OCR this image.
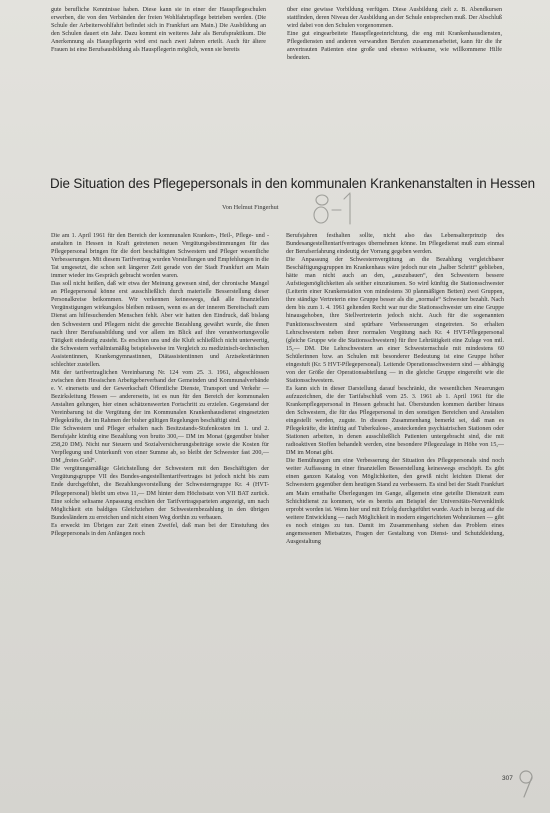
gute berufliche Kenntnisse haben. Diese kann sie in einer der Hauspflegeschulen erwerben, die von den Verbänden der freien Wohlfahrtspflege betrieben werden. (Die Schule der Arbeiterwohlfahrt befindet sich in Frankfurt am Main.) Die Ausbildung an den Schulen dauert ein Jahr. Dazu kommt ein weiteres Jahr als Berufspraktikum. Die Anerkennung als Hauspflegerin wird erst nach zwei Jahren erteilt. Auch für ältere Frauen ist eine Berufsausbildung als Hauspflegerin möglich, wenn sie bereits

über eine gewisse Vorbildung verfügen. Diese Ausbildung zielt z. B. Abendkursen stattfinden, deren Niveau der Ausbildung an der Schule entsprechen muß. Der Abschluß wird dabei von den Schulen vorgenommen.

Eine gut eingearbeitete Hauspflegeeinrichtung, die eng mit Krankenhausdiensten, Pflegediensten und anderen verwandten Berufen zusammenarbeitet, kann für die ihr anvertrauten Patienten eine große und ebenso wirksame, wie willkommene Hilfe bedeuten.

Die Situation des Pflegepersonals in den kommunalen Krankenanstalten in Hessen
Von Helmut Fingerhut

Die am 1. April 1961 für den Bereich der kommunalen Kranken-, Heil-, Pflege- und -anstalten in Hessen in Kraft getretenen neuen Vergütungsbestimmungen für das Pflegepersonal bringen für die dort beschäftigten Schwestern und Pfleger wesentliche Verbesserungen. Mit diesem Tarifvertrag wurden Vorstellungen und Empfehlungen in die Tat umgesetzt, die schon seit längerer Zeit gerade von der Stadt Frankfurt am Main immer wieder ins Gespräch gebracht worden waren.

Das soll nicht heißen, daß wir etwa der Meinung gewesen sind, der chronische Mangel an Pflegepersonal könne erst ausschließlich durch materielle Besserstellung dieser Personalkreise beikommen. Wir verkennen keineswegs, daß alle finanziellen Vergünstigungen wirkungslos bleiben müssen, wenn es an der inneren Bereitschaft zum Dienst am hilfesuchenden Menschen fehlt. Aber wir hatten den Eindruck, daß bislang den Schwestern und Pflegern nicht die gerechte Bezahlung gewährt wurde, die ihnen nach ihrer Berufsausbildung und vor allem im Blick auf ihre verantwortungsvolle Tätigkeit eindeutig zusteht. Es erschien uns und die Kluft schließlich nicht unterwertig, die Schwestern verhältnismäßig beispielsweise im Vergleich zu medizinisch-technischen Assistentinnen, Krankengymnastinnen, Diätassistentinnen und Arztsekretärinnen schlechter zustellen.

Mit der tarifvertraglichen Vereinbarung Nr. 124 vom 25. 3. 1961, abgeschlossen zwischen dem Hessischen Arbeitgeberverband der Gemeinden und Kommunalverbände e. V. einerseits und der Gewerkschaft Öffentliche Dienste, Transport und Verkehr — Bezirksleitung Hessen — andererseits, ist es nun für den Bereich der kommunalen Anstalten gelungen, hier einen schätzenswerten Fortschritt zu erzielen. Gegenstand der Vereinbarung ist die Vergütung der im Kommunalen Krankenhausdienst eingesetzten Pflegekräfte, die im Rahmen der bisher gültigen Regelungen beschäftigt sind.

Die Schwestern und Pfleger erhalten nach Besitzstands-Stufenkosten im 1. und 2. Berufsjahr künftig eine Bezahlung von brutto 300,— DM im Monat (gegenüber bisher 258,20 DM). Nicht nur Steuern und Sozialversicherungsbeiträge sowie die Kosten für Verpflegung und Unterkunft von einer Summe ab, so bleibt der Schwester fast 200,— DM „freies Geld“.

Die vergütungsmäßige Gleichstellung der Schwestern mit den Beschäftigten der Vergütungsgruppe VII des Bundes-angestelltentarifvertrages ist jedoch nicht bis zum Ende durchgeführt, die Bezahlungsvorstellung der Schwesterngruppe Kr. 4 (HVT-Pflegepersonal) bleibt um etwa 11,— DM hinter dem Höchstsatz von VII BAT zurück. Eine solche seltsame Anpassung erschien der Tarifvertragsparteien angezeigt, um nach Möglichkeit ein baldiges Gleichziehen der Schwesternbezahlung in den übrigen Bundesländern zu erreichen und nicht einen Weg dorthin zu verbauen.

Es erweckt im Übrigen zur Zeit einen Zweifel, daß man bei der Einstufung des Pflegepersonals in den Anfängen noch

Berufsjahren festhalten sollte, nicht also das Lebensalterprinzip des Bundesangestelltentarifvertrages übernehmen könne. Im Pflegedienst muß zum einmal der Berufserfahrung eindeutig der Vorrang gegeben werden.

Die Anpassung der Schwesternvergütung an die Bezahlung vergleichbarer Beschäftigungsgruppen im Krankenhaus wäre jedoch nur ein „halber Schritt“ geblieben, hätte man nicht auch an den, „auszubauen“, den Schwestern bessere Aufstiegsmöglichkeiten als seither einzuräumen. So wird künftig die Stationsschwester (Leiterin einer Krankenstation von mindestens 30 planmäßigen Betten) zwei Gruppen, ihre ständige Vertreterin eine Gruppe besser als die „normale“ Schwester bezahlt. Nach dem bis zum 1. 4. 1961 geltenden Recht war nur die Stationsschwester um eine Gruppe hinausgehoben, ihre Stellvertreterin jedoch nicht. Auch für die sogenannten Funktionsschwestern sind spürbare Verbesserungen eingetreten. So erhalten Lehrschwestern neben ihrer normalen Vergütung nach Kr. 4 HVT-Pflegepersonal (gleiche Gruppe wie die Stationsschwestern) für ihre Lehrtätigkeit eine Zulage von mtl. 15,— DM. Die Lehrschwestern an einer Schwesternschule mit mindestens 60 Schülerinnen bzw. an Schulen mit besonderer Bedeutung ist eine Gruppe höher eingestuft (Kr. 5 HVT-Pflegepersonal). Leitende Operationsschwestern sind — abhängig von der Größe der Operationsabteilung — in die gleiche Gruppe eingereiht wie die Stationsschwestern.

Es kann sich in dieser Darstellung darauf beschränkt, die wesentlichen Neuerungen aufzuzeichnen, die der Tarifabschluß vom 25. 3. 1961 ab 1. April 1961 für die Krankenpflegepersonal in Hessen gebracht hat. Überstunden kommen darüber hinaus den Schwestern, die für das Pflegepersonal in den sonstigen Bereichen und Anstalten eingestellt werden, zugute. In diesem Zusammenhang bemerkt sei, daß man es Pflegekräfte, die künftig auf Tuberkulose-, ansteckenden psychiatrischen Stationen oder Stationen arbeiten, in denen ausschließlich Patienten untergebracht sind, die mit radioaktiven Stoffen behandelt werden, eine besondere Pflegezulage in Höhe von 15,— DM im Monat gibt.

Die Bemühungen um eine Verbesserung der Situation des Pflegepersonals sind noch weiter Auffassung in einer finanziellen Besserstellung keineswegs erschöpft. Es gibt einen ganzen Katalog von Möglichkeiten, den gewiß nicht leichten Dienst der Schwestern gegenüber dem heutigen Stand zu verbessern. Es sind bei der Stadt Frankfurt am Main ernsthafte Überlegungen im Gange, allgemein eine geteilte Dienstzeit zum Schichtdienst zu kommen, wie es bereits am Beispiel der Universitäts-Nervenklinik erprobt worden ist. Wenn hier und mit Erfolg durchgeführt wurde. Auch in bezug auf die weitere Entwicklung — nach Möglichkeit in modern eingerichteten Wohnräumen — gibt es noch einiges zu tun. Damit im Zusammenhang stehen das Problem eines angemessenen Mietsatzes, Fragen der Gestaltung von Dienst- und Schutzkleidung, Ausgestaltung

307
